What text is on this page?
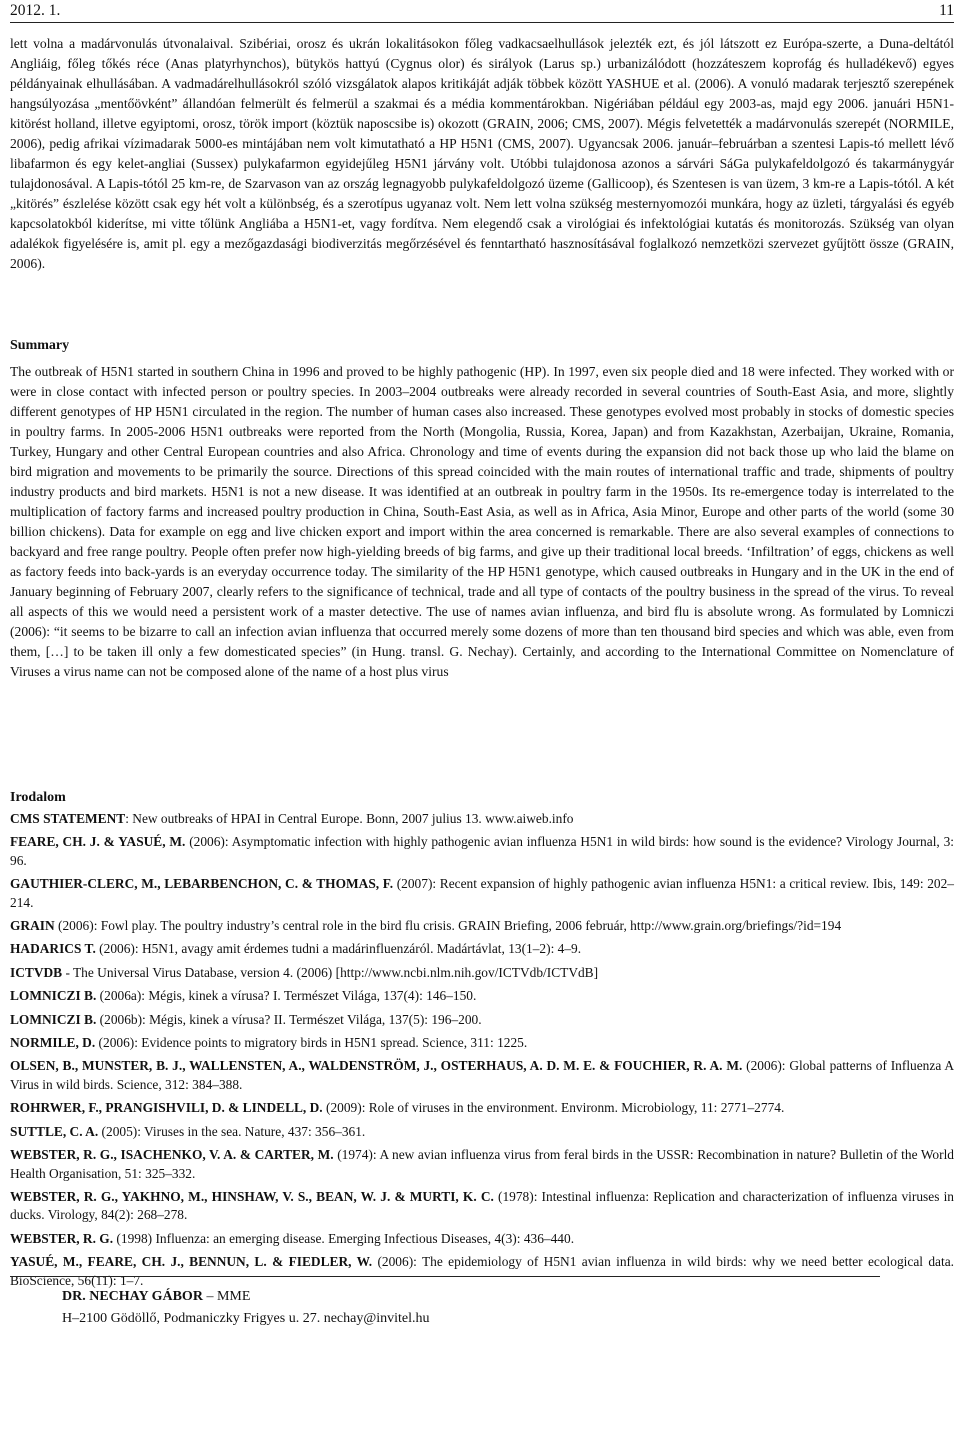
2012. 1.	11

lett volna a madárvonulás útvonalaival. Szibériai, orosz és ukrán lokalitásokon főleg vadkacsaelhullások jelezték ezt, és jól látszott ez Európa-szerte, a Duna-deltától Angliáig, főleg tőkés réce (Anas platyrhynchos), bütykös hattyú (Cygnus olor) és sirályok (Larus sp.) urbanizálódott (hozzáteszem koprofág és hulladékevő) egyes példányainak elhullásában. A vadmadárelhullásokról szóló vizsgálatok alapos kritikáját adják többek között YASHUE et al. (2006). A vonuló madarak terjesztő szerepének hangsúlyozása „mentőövként” állandóan felmerült és felmerül a szakmai és a média kommentárokban. Nigériában például egy 2003-as, majd egy 2006. januári H5N1-kitörést holland, illetve egyiptomi, orosz, török import (köztük naposcsibe is) okozott (GRAIN, 2006; CMS, 2007). Mégis felvetették a madárvonulás szerepét (NORMILE, 2006), pedig afrikai vízimadarak 5000-es mintájában nem volt kimutatható a HP H5N1 (CMS, 2007). Ugyancsak 2006. január–februárban a szentesi Lapis-tó mellett lévő libafarmon és egy kelet-angliai (Sussex) pulykafarmon egyidejűleg H5N1 járvány volt. Utóbbi tulajdonosa azonos a sárvári SáGa pulykafeldolgozó és takarmánygyár tulajdonosával. A Lapis-tótól 25 km-re, de Szarvason van az ország legnagyobb pulykafeldolgozó üzeme (Gallicoop), és Szentesen is van üzem, 3 km-re a Lapis-tótól. A két „kitörés” észlelése között csak egy hét volt a különbség, és a szerotípus ugyanaz volt. Nem lett volna szükség mesternyomozói munkára, hogy az üzleti, tárgyalási és egyéb kapcsolatokból kiderítse, mi vitte tőlünk Angliába a H5N1-et, vagy fordítva. Nem elegendő csak a virológiai és infektológiai kutatás és monitorozás. Szükség van olyan adalékok figyelésére is, amit pl. egy a mezőgazdasági biodiverzitás megőrzésével és fenntartható hasznosításával foglalkozó nemzetközi szervezet gyűjtött össze (GRAIN, 2006).

Summary

The outbreak of H5N1 started in southern China in 1996 and proved to be highly pathogenic (HP). In 1997, even six people died and 18 were infected. They worked with or were in close contact with infected person or poultry species. In 2003–2004 outbreaks were already recorded in several countries of South-East Asia, and more, slightly different genotypes of HP H5N1 circulated in the region. The number of human cases also increased. These genotypes evolved most probably in stocks of domestic species in poultry farms. In 2005-2006 H5N1 outbreaks were reported from the North (Mongolia, Russia, Korea, Japan) and from Kazakhstan, Azerbaijan, Ukraine, Romania, Turkey, Hungary and other Central European countries and also Africa. Chronology and time of events during the expansion did not back those up who laid the blame on bird migration and movements to be primarily the source. Directions of this spread coincided with the main routes of international traffic and trade, shipments of poultry industry products and bird markets. H5N1 is not a new disease. It was identified at an outbreak in poultry farm in the 1950s. Its re-emergence today is interrelated to the multiplication of factory farms and increased poultry production in China, South-East Asia, as well as in Africa, Asia Minor, Europe and other parts of the world (some 30 billion chickens). Data for example on egg and live chicken export and import within the area concerned is remarkable. There are also several examples of connections to backyard and free range poultry. People often prefer now high-yielding breeds of big farms, and give up their traditional local breeds. ‘Infiltration’ of eggs, chickens as well as factory feeds into back-yards is an everyday occurrence today. The similarity of the HP H5N1 genotype, which caused outbreaks in Hungary and in the UK in the end of January beginning of February 2007, clearly refers to the significance of technical, trade and all type of contacts of the poultry business in the spread of the virus. To reveal all aspects of this we would need a persistent work of a master detective. The use of names avian influenza, and bird flu is absolute wrong. As formulated by Lomniczi (2006): “it seems to be bizarre to call an infection avian influenza that occurred merely some dozens of more than ten thousand bird species and which was able, even from them, […] to be taken ill only a few domesticated species” (in Hung. transl. G. Nechay). Certainly, and according to the International Committee on Nomenclature of Viruses a virus name can not be composed alone of the name of a host plus virus

Irodalom

CMS STATEMENT: New outbreaks of HPAI in Central Europe. Bonn, 2007 julius 13. www.aiweb.info

FEARE, CH. J. & YASUÉ, M. (2006): Asymptomatic infection with highly pathogenic avian influenza H5N1 in wild birds: how sound is the evidence? Virology Journal, 3: 96.

GAUTHIER-CLERC, M., LEBARBENCHON, C. & THOMAS, F. (2007): Recent expansion of highly pathogenic avian influenza H5N1: a critical review. Ibis, 149: 202–214.

GRAIN (2006): Fowl play. The poultry industry’s central role in the bird flu crisis. GRAIN Briefing, 2006 február, http://www.grain.org/briefings/?id=194

HADARICS T. (2006): H5N1, avagy amit érdemes tudni a madárinfluenzáról. Madártávlat, 13(1–2): 4–9.

ICTVDB - The Universal Virus Database, version 4. (2006) [http://www.ncbi.nlm.nih.gov/ICTVdb/ICTVdB]

LOMNICZI B. (2006a): Mégis, kinek a vírusa? I. Természet Világa, 137(4): 146–150.

LOMNICZI B. (2006b): Mégis, kinek a vírusa? II. Természet Világa, 137(5): 196–200.

NORMILE, D. (2006): Evidence points to migratory birds in H5N1 spread. Science, 311: 1225.

OLSEN, B., MUNSTER, B. J., WALLENSTEN, A., WALDENSTRÖM, J., OSTERHAUS, A. D. M. E. & FOUCHIER, R. A. M. (2006): Global patterns of Influenza A Virus in wild birds. Science, 312: 384–388.

ROHRWER, F., PRANGISHVILI, D. & LINDELL, D. (2009): Role of viruses in the environment. Environm. Microbiology, 11: 2771–2774.

SUTTLE, C. A. (2005): Viruses in the sea. Nature, 437: 356–361.

WEBSTER, R. G., ISACHENKO, V. A. & CARTER, M. (1974): A new avian influenza virus from feral birds in the USSR: Recombination in nature? Bulletin of the World Health Organisation, 51: 325–332.

WEBSTER, R. G., YAKHNO, M., HINSHAW, V. S., BEAN, W. J. & MURTI, K. C. (1978): Intestinal influenza: Replication and characterization of influenza viruses in ducks. Virology, 84(2): 268–278.

WEBSTER, R. G. (1998) Influenza: an emerging disease. Emerging Infectious Diseases, 4(3): 436–440.

YASUÉ, M., FEARE, CH. J., BENNUN, L. & FIEDLER, W. (2006): The epidemiology of H5N1 avian influenza in wild birds: why we need better ecological data. BioScience, 56(11): 1–7.

DR. NECHAY GÁBOR – MME
H–2100 Gödöllő, Podmaniczky Frigyes u. 27. nechay@invitel.hu
